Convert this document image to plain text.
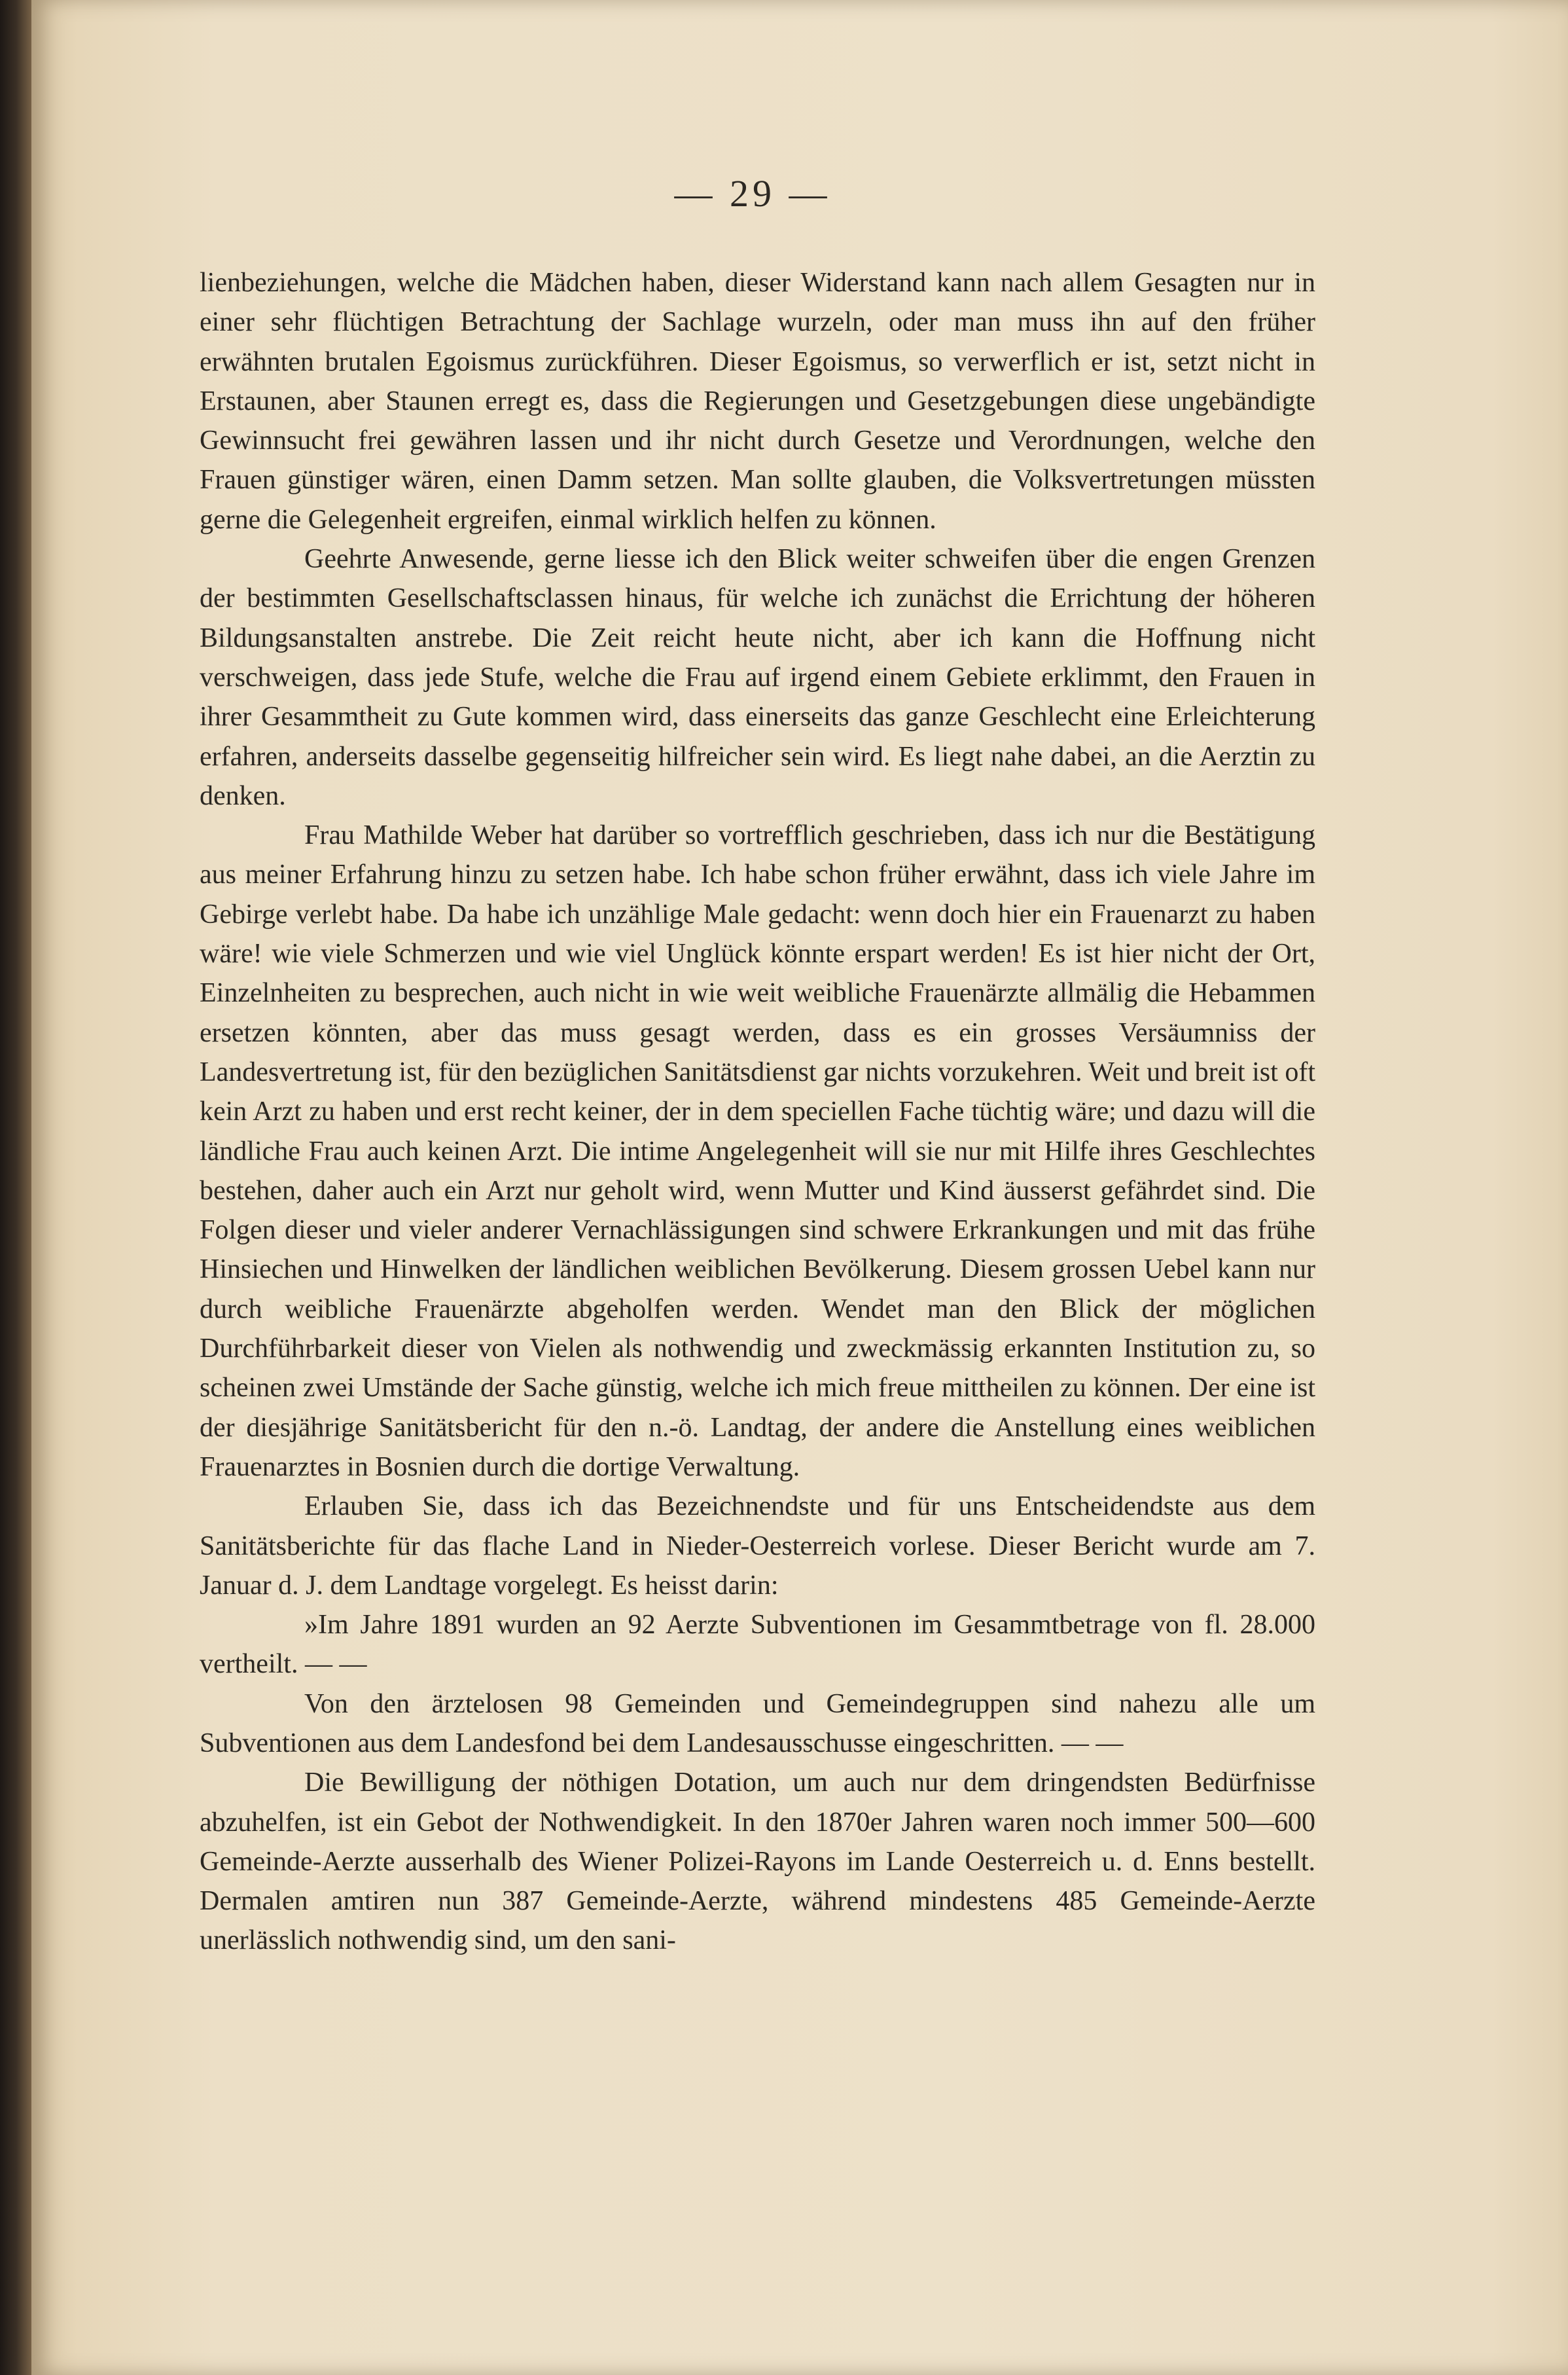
— 29 —

lienbeziehungen, welche die Mädchen haben, dieser Widerstand kann nach allem Gesagten nur in einer sehr flüchtigen Betrachtung der Sachlage wurzeln, oder man muss ihn auf den früher erwähnten brutalen Egoismus zurückführen. Dieser Egoismus, so verwerflich er ist, setzt nicht in Erstaunen, aber Staunen erregt es, dass die Regierungen und Gesetzgebungen diese ungebändigte Gewinnsucht frei gewähren lassen und ihr nicht durch Gesetze und Verordnungen, welche den Frauen günstiger wären, einen Damm setzen. Man sollte glauben, die Volksvertretungen müssten gerne die Gelegenheit ergreifen, einmal wirklich helfen zu können.

Geehrte Anwesende, gerne liesse ich den Blick weiter schweifen über die engen Grenzen der bestimmten Gesellschaftsclassen hinaus, für welche ich zunächst die Errichtung der höheren Bildungsanstalten anstrebe. Die Zeit reicht heute nicht, aber ich kann die Hoffnung nicht verschweigen, dass jede Stufe, welche die Frau auf irgend einem Gebiete erklimmt, den Frauen in ihrer Gesammtheit zu Gute kommen wird, dass einerseits das ganze Geschlecht eine Erleichterung erfahren, anderseits dasselbe gegenseitig hilfreicher sein wird. Es liegt nahe dabei, an die Aerztin zu denken.

Frau Mathilde Weber hat darüber so vortrefflich geschrieben, dass ich nur die Bestätigung aus meiner Erfahrung hinzu zu setzen habe. Ich habe schon früher erwähnt, dass ich viele Jahre im Gebirge verlebt habe. Da habe ich unzählige Male gedacht: wenn doch hier ein Frauenarzt zu haben wäre! wie viele Schmerzen und wie viel Unglück könnte erspart werden! Es ist hier nicht der Ort, Einzelnheiten zu besprechen, auch nicht in wie weit weibliche Frauenärzte allmälig die Hebammen ersetzen könnten, aber das muss gesagt werden, dass es ein grosses Versäumniss der Landesvertretung ist, für den bezüglichen Sanitätsdienst gar nichts vorzukehren. Weit und breit ist oft kein Arzt zu haben und erst recht keiner, der in dem speciellen Fache tüchtig wäre; und dazu will die ländliche Frau auch keinen Arzt. Die intime Angelegenheit will sie nur mit Hilfe ihres Geschlechtes bestehen, daher auch ein Arzt nur geholt wird, wenn Mutter und Kind äusserst gefährdet sind. Die Folgen dieser und vieler anderer Vernachlässigungen sind schwere Erkrankungen und mit das frühe Hinsiechen und Hinwelken der ländlichen weiblichen Bevölkerung. Diesem grossen Uebel kann nur durch weibliche Frauenärzte abgeholfen werden. Wendet man den Blick der möglichen Durchführbarkeit dieser von Vielen als nothwendig und zweckmässig erkannten Institution zu, so scheinen zwei Umstände der Sache günstig, welche ich mich freue mittheilen zu können. Der eine ist der diesjährige Sanitätsbericht für den n.-ö. Landtag, der andere die Anstellung eines weiblichen Frauenarztes in Bosnien durch die dortige Verwaltung.

Erlauben Sie, dass ich das Bezeichnendste und für uns Entscheidendste aus dem Sanitätsberichte für das flache Land in Nieder-Oesterreich vorlese. Dieser Bericht wurde am 7. Januar d. J. dem Landtage vorgelegt. Es heisst darin:

»Im Jahre 1891 wurden an 92 Aerzte Subventionen im Gesammtbetrage von fl. 28.000 vertheilt. — —

Von den ärztelosen 98 Gemeinden und Gemeindegruppen sind nahezu alle um Subventionen aus dem Landesfond bei dem Landesausschusse eingeschritten. — —

Die Bewilligung der nöthigen Dotation, um auch nur dem dringendsten Bedürfnisse abzuhelfen, ist ein Gebot der Nothwendigkeit. In den 1870er Jahren waren noch immer 500—600 Gemeinde-Aerzte ausserhalb des Wiener Polizei-Rayons im Lande Oesterreich u. d. Enns bestellt. Dermalen amtiren nun 387 Gemeinde-Aerzte, während mindestens 485 Gemeinde-Aerzte unerlässlich nothwendig sind, um den sani-
